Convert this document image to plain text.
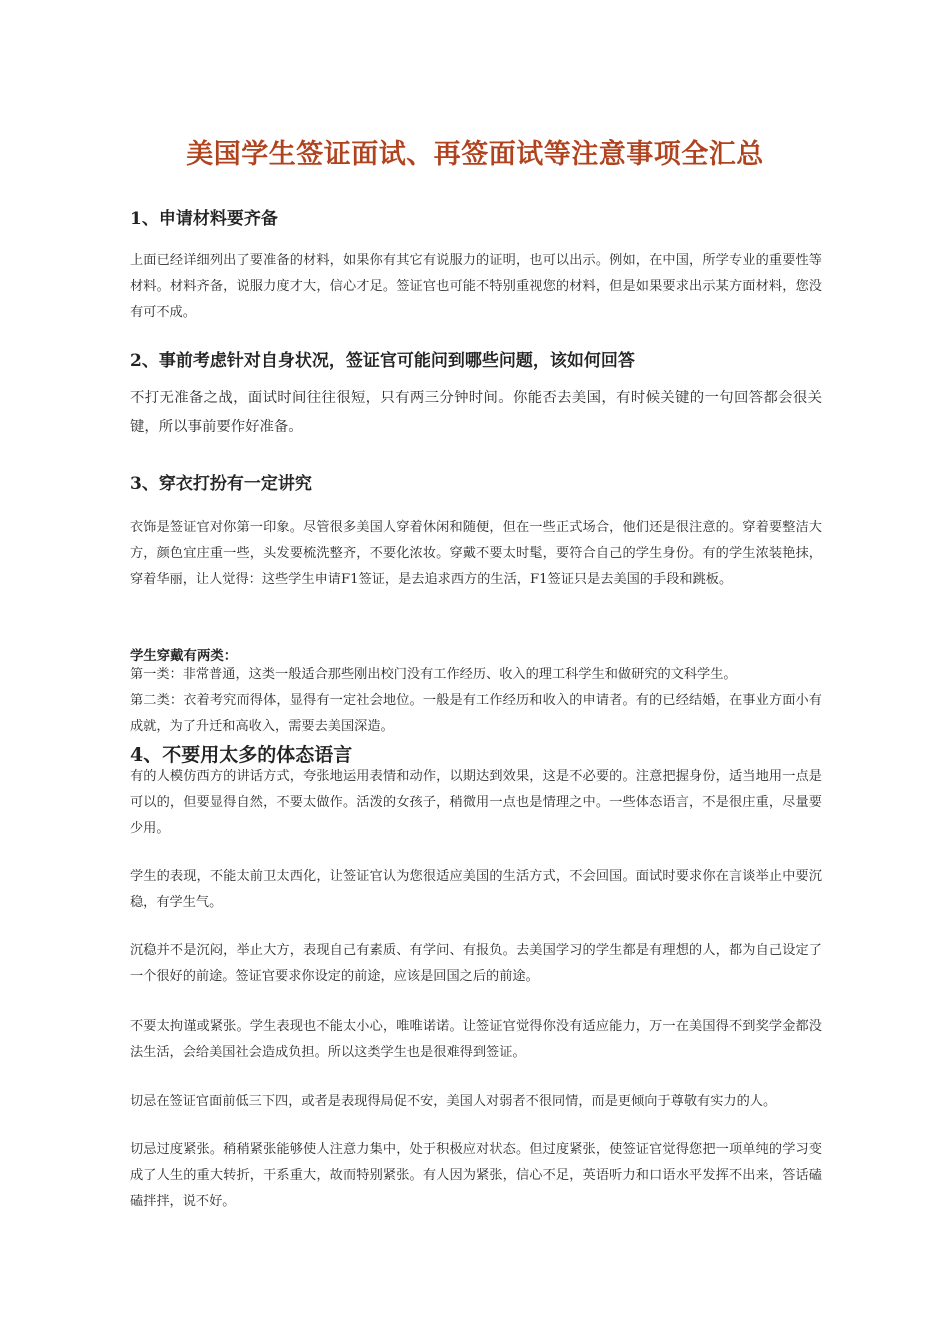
美国学生签证面试、再签面试等注意事项全汇总
1、申请材料要齐备

上面已经详细列出了要准备的材料，如果你有其它有说服力的证明，也可以出示。例如，在中国，所学专业的重要性等材料。材料齐备，说服力度才大，信心才足。签证官也可能不特别重视您的材料，但是如果要求出示某方面材料，您没有可不成。

2、事前考虑针对自身状况，签证官可能问到哪些问题，该如何回答

不打无准备之战，面试时间往往很短，只有两三分钟时间。你能否去美国，有时候关键的一句回答都会很关键，所以事前要作好准备。

3、穿衣打扮有一定讲究

衣饰是签证官对你第一印象。尽管很多美国人穿着休闲和随便，但在一些正式场合，他们还是很注意的。穿着要整洁大方，颜色宜庄重一些，头发要梳洗整齐，不要化浓妆。穿戴不要太时髦，要符合自己的学生身份。有的学生浓装艳抹，穿着华丽，让人觉得：这些学生申请F1签证，是去追求西方的生活，F1签证只是去美国的手段和跳板。

学生穿戴有两类：

第一类：非常普通，这类一般适合那些刚出校门没有工作经历、收入的理工科学生和做研究的文科学生。

第二类：衣着考究而得体，显得有一定社会地位。一般是有工作经历和收入的申请者。有的已经结婚，在事业方面小有成就，为了升迁和高收入，需要去美国深造。

4、不要用太多的体态语言

有的人模仿西方的讲话方式，夸张地运用表情和动作，以期达到效果，这是不必要的。注意把握身份，适当地用一点是可以的，但要显得自然，不要太做作。活泼的女孩子，稍微用一点也是情理之中。一些体态语言，不是很庄重，尽量要少用。

学生的表现，不能太前卫太西化，让签证官认为您很适应美国的生活方式，不会回国。面试时要求你在言谈举止中要沉稳，有学生气。

沉稳并不是沉闷，举止大方，表现自己有素质、有学问、有报负。去美国学习的学生都是有理想的人，都为自己设定了一个很好的前途。签证官要求你设定的前途，应该是回国之后的前途。

不要太拘谨或紧张。学生表现也不能太小心，唯唯诺诺。让签证官觉得你没有适应能力，万一在美国得不到奖学金都没法生活，会给美国社会造成负担。所以这类学生也是很难得到签证。

切忌在签证官面前低三下四，或者是表现得局促不安，美国人对弱者不很同情，而是更倾向于尊敬有实力的人。

切忌过度紧张。稍稍紧张能够使人注意力集中，处于积极应对状态。但过度紧张，使签证官觉得您把一项单纯的学习变成了人生的重大转折，干系重大，故而特别紧张。有人因为紧张，信心不足，英语听力和口语水平发挥不出来，答话磕磕拌拌，说不好。
